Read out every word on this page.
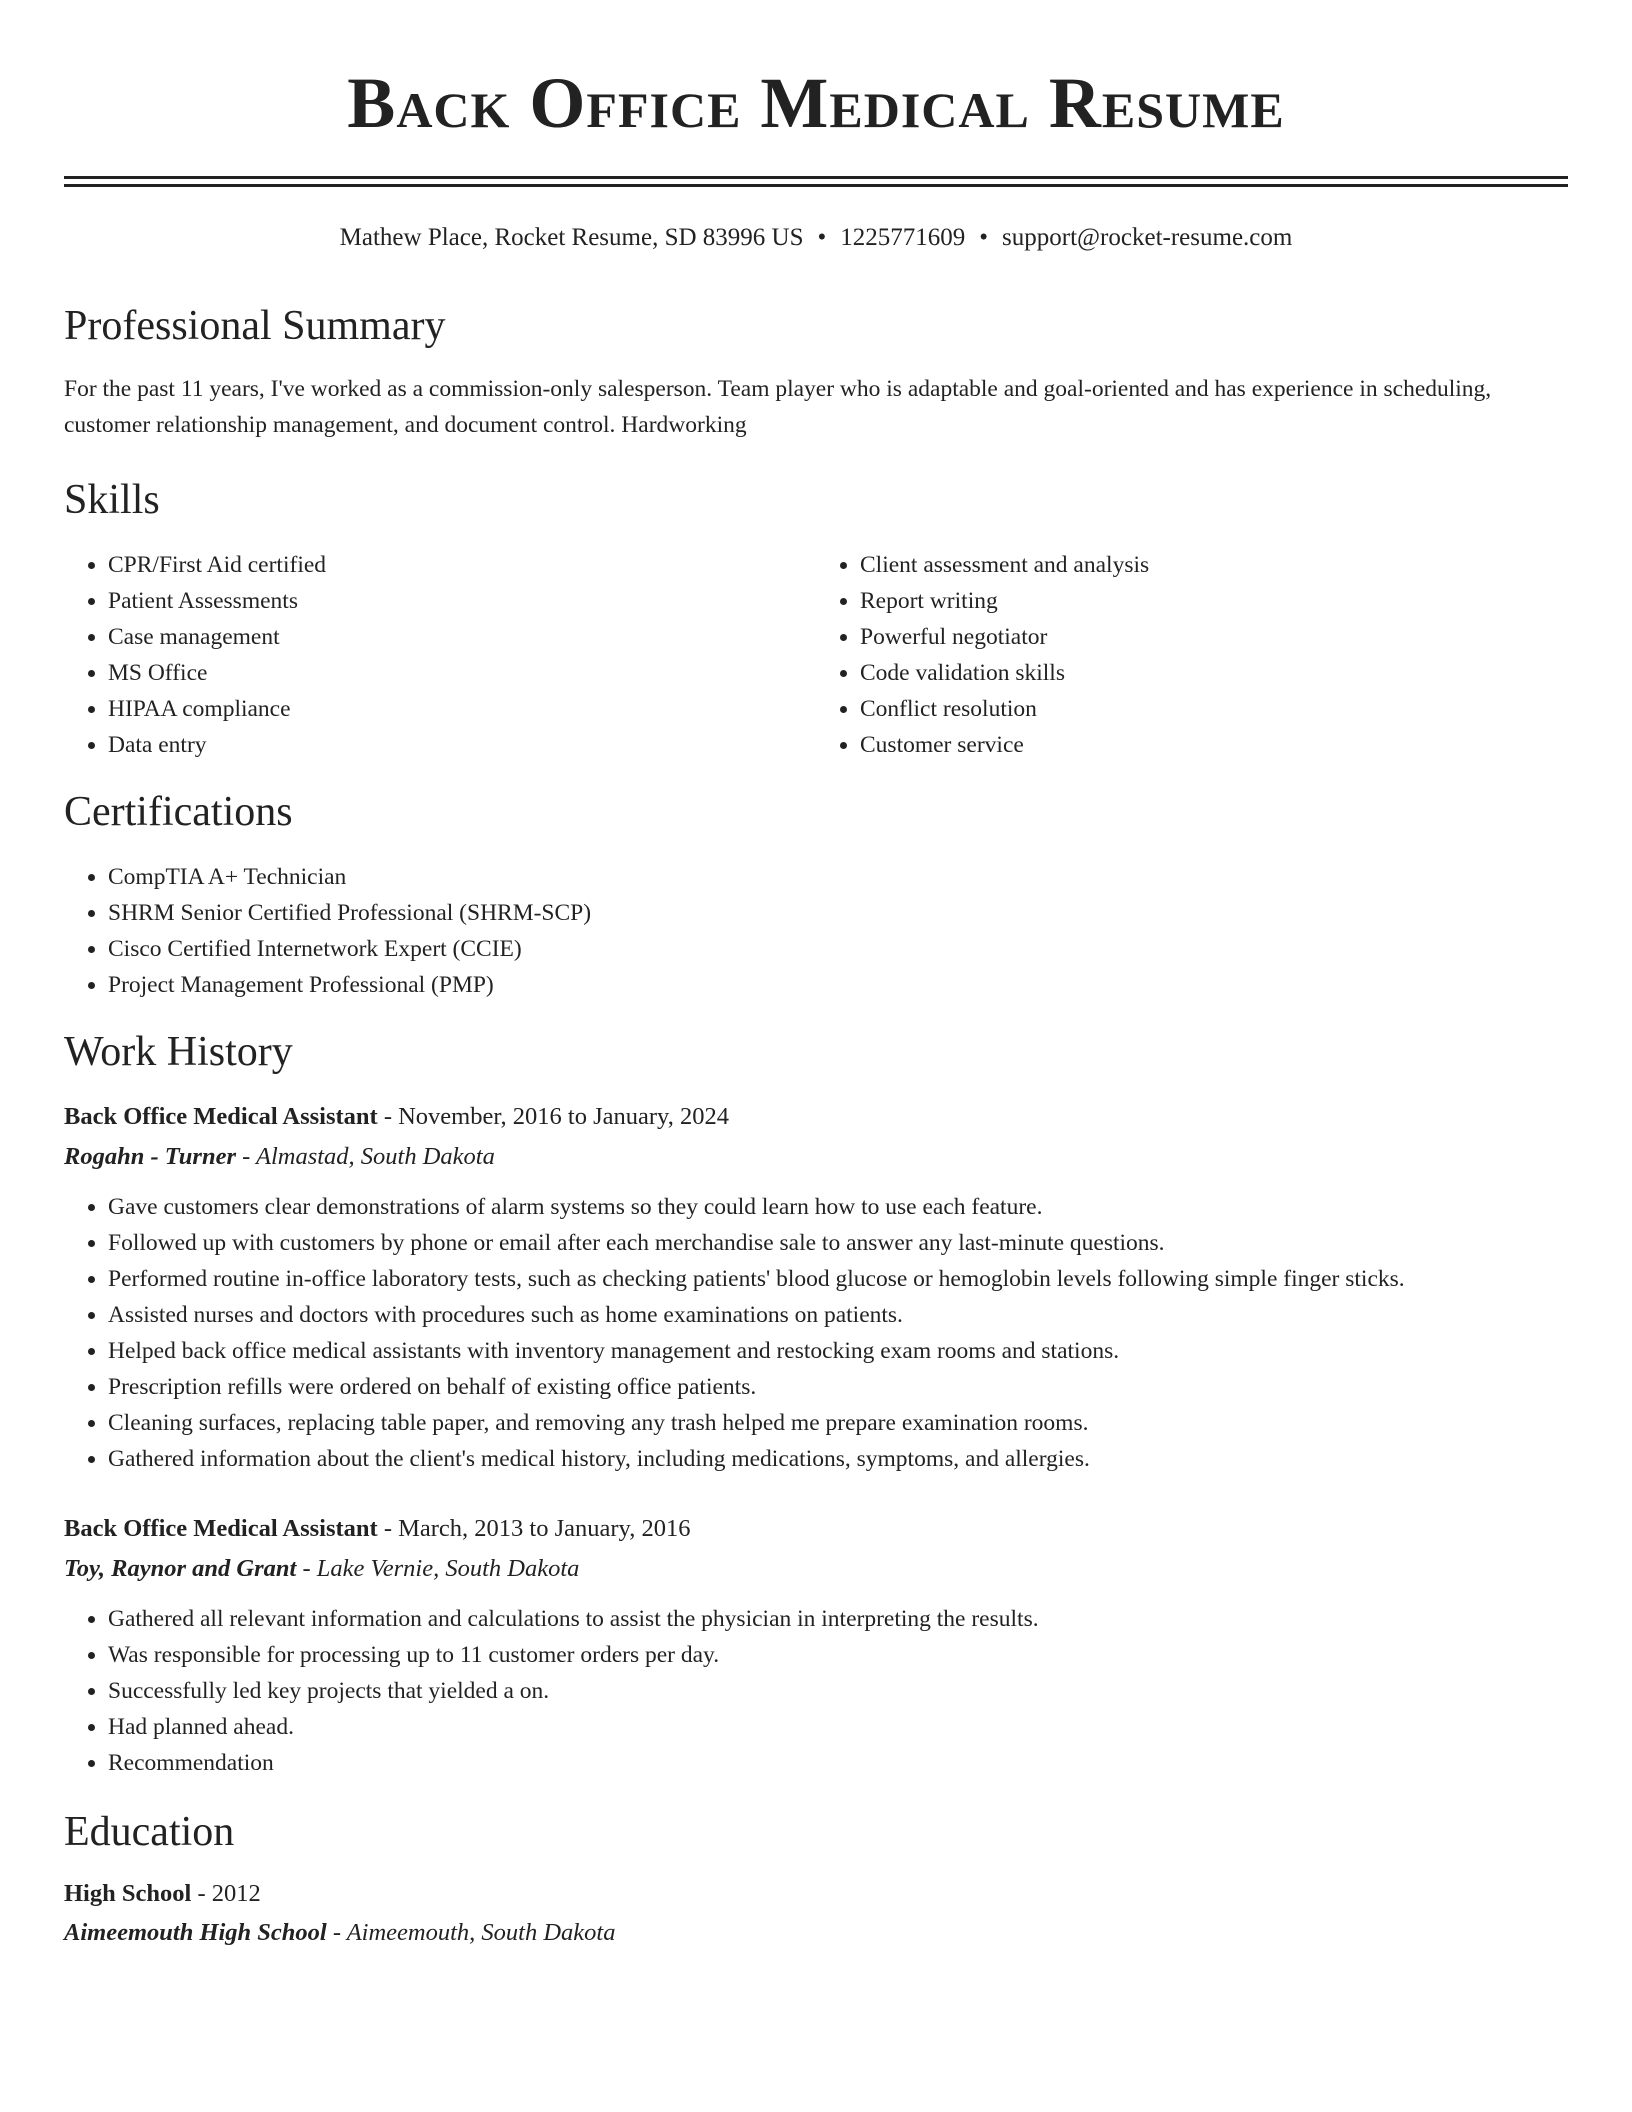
Back Office Medical Resume
Mathew Place, Rocket Resume, SD 83996 US • 1225771609 • support@rocket-resume.com
Professional Summary
For the past 11 years, I've worked as a commission-only salesperson. Team player who is adaptable and goal-oriented and has experience in scheduling, customer relationship management, and document control. Hardworking
Skills
• CPR/First Aid certified
• Patient Assessments
• Case management
• MS Office
• HIPAA compliance
• Data entry
• Client assessment and analysis
• Report writing
• Powerful negotiator
• Code validation skills
• Conflict resolution
• Customer service
Certifications
• CompTIA A+ Technician
• SHRM Senior Certified Professional (SHRM-SCP)
• Cisco Certified Internetwork Expert (CCIE)
• Project Management Professional (PMP)
Work History
Back Office Medical Assistant - November, 2016 to January, 2024
Rogahn - Turner - Almastad, South Dakota
• Gave customers clear demonstrations of alarm systems so they could learn how to use each feature.
• Followed up with customers by phone or email after each merchandise sale to answer any last-minute questions.
• Performed routine in-office laboratory tests, such as checking patients' blood glucose or hemoglobin levels following simple finger sticks.
• Assisted nurses and doctors with procedures such as home examinations on patients.
• Helped back office medical assistants with inventory management and restocking exam rooms and stations.
• Prescription refills were ordered on behalf of existing office patients.
• Cleaning surfaces, replacing table paper, and removing any trash helped me prepare examination rooms.
• Gathered information about the client's medical history, including medications, symptoms, and allergies.
Back Office Medical Assistant - March, 2013 to January, 2016
Toy, Raynor and Grant - Lake Vernie, South Dakota
• Gathered all relevant information and calculations to assist the physician in interpreting the results.
• Was responsible for processing up to 11 customer orders per day.
• Successfully led key projects that yielded a on.
• Had planned ahead.
• Recommendation
Education
High School - 2012
Aimeemouth High School - Aimeemouth, South Dakota
